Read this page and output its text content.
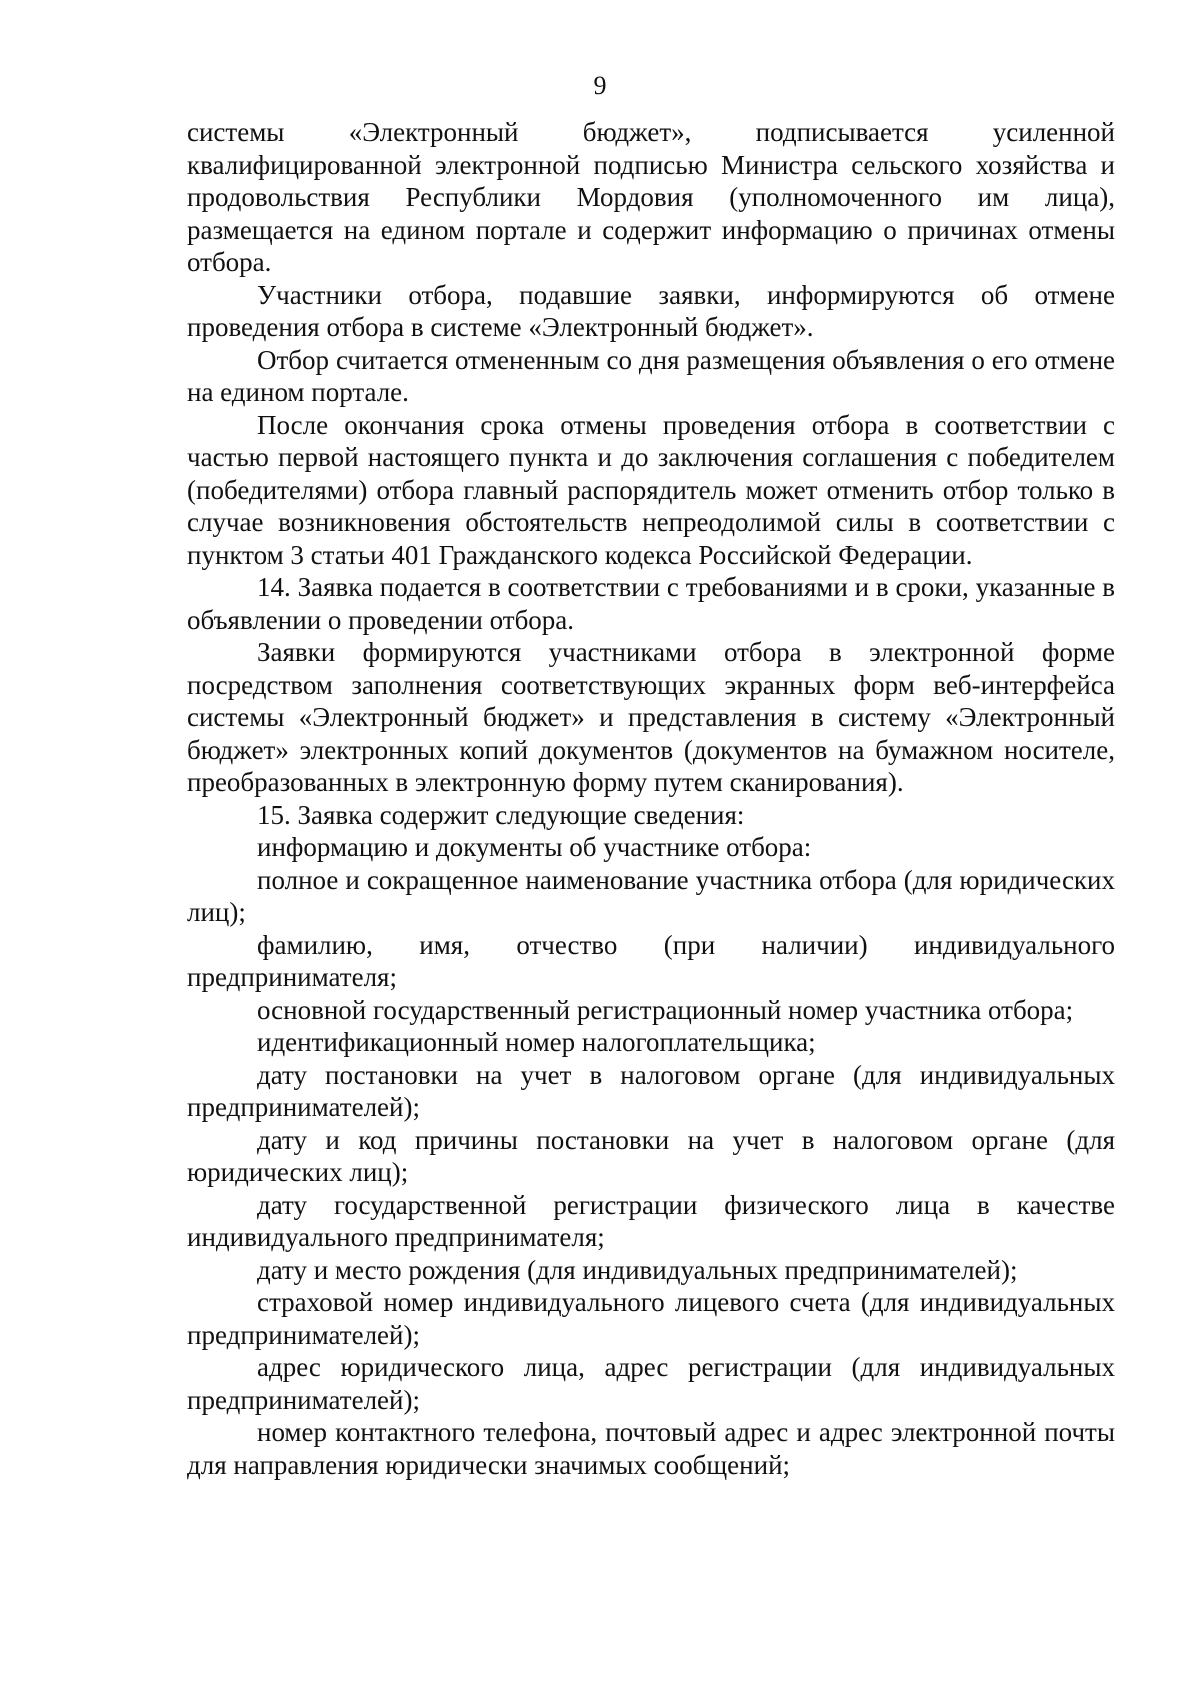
9

системы «Электронный бюджет», подписывается усиленной квалифицированной электронной подписью Министра сельского хозяйства и продовольствия Республики Мордовия (уполномоченного им лица), размещается на едином портале и содержит информацию о причинах отмены отбора.

Участники отбора, подавшие заявки, информируются об отмене проведения отбора в системе «Электронный бюджет».

Отбор считается отмененным со дня размещения объявления о его отмене на едином портале.

После окончания срока отмены проведения отбора в соответствии с частью первой настоящего пункта и до заключения соглашения с победителем (победителями) отбора главный распорядитель может отменить отбор только в случае возникновения обстоятельств непреодолимой силы в соответствии с пунктом 3 статьи 401 Гражданского кодекса Российской Федерации.

14. Заявка подается в соответствии с требованиями и в сроки, указанные в объявлении о проведении отбора.

Заявки формируются участниками отбора в электронной форме посредством заполнения соответствующих экранных форм веб-интерфейса системы «Электронный бюджет» и представления в систему «Электронный бюджет» электронных копий документов (документов на бумажном носителе, преобразованных в электронную форму путем сканирования).

15. Заявка содержит следующие сведения:

информацию и документы об участнике отбора:

полное и сокращенное наименование участника отбора (для юридических лиц);

фамилию, имя, отчество (при наличии) индивидуального предпринимателя;

основной государственный регистрационный номер участника отбора;

идентификационный номер налогоплательщика;

дату постановки на учет в налоговом органе (для индивидуальных предпринимателей);

дату и код причины постановки на учет в налоговом органе (для юридических лиц);

дату государственной регистрации физического лица в качестве индивидуального предпринимателя;

дату и место рождения (для индивидуальных предпринимателей);

страховой номер индивидуального лицевого счета (для индивидуальных предпринимателей);

адрес юридического лица, адрес регистрации (для индивидуальных предпринимателей);

номер контактного телефона, почтовый адрес и адрес электронной почты для направления юридически значимых сообщений;
